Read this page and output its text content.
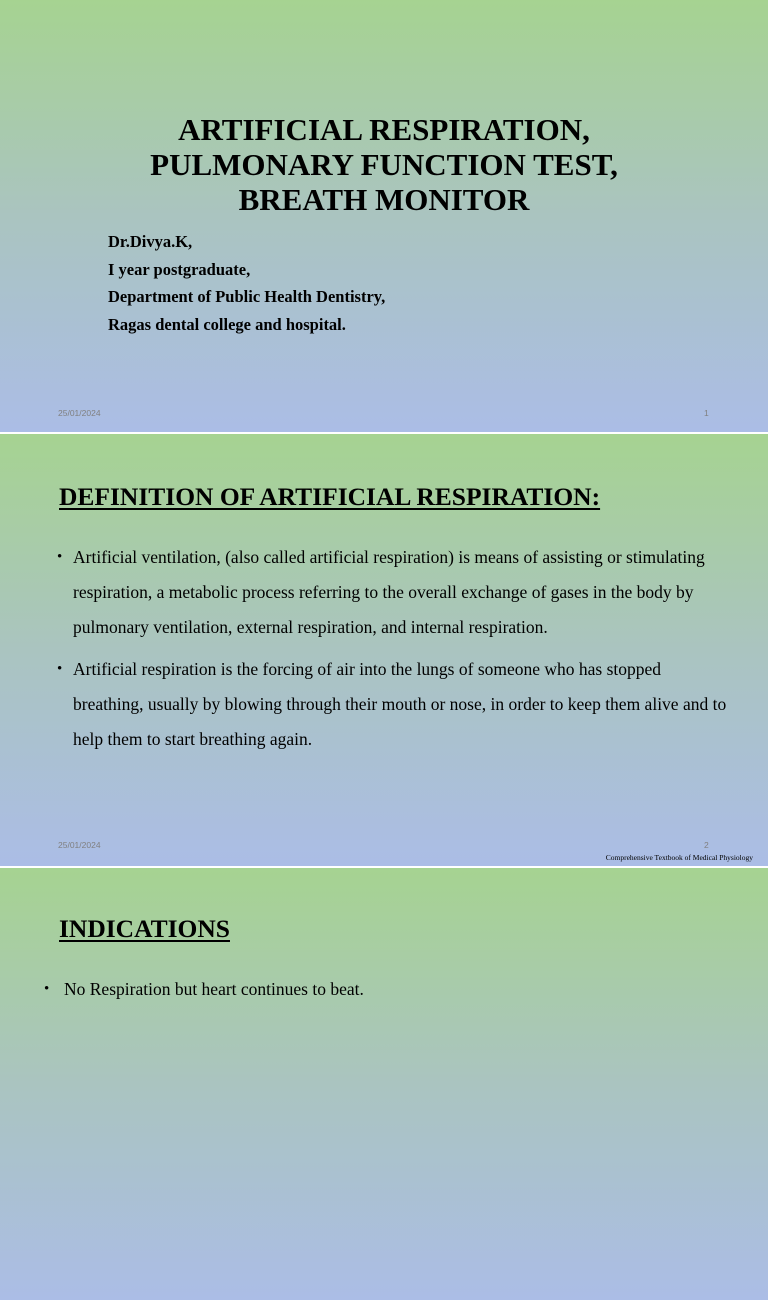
ARTIFICIAL RESPIRATION,
PULMONARY FUNCTION TEST,
BREATH MONITOR
Dr.Divya.K,
I year postgraduate,
Department of Public Health Dentistry,
Ragas dental college and hospital.
25/01/2024	1
DEFINITION OF ARTIFICIAL RESPIRATION:
• Artificial ventilation, (also called artificial respiration) is means of assisting or stimulating respiration, a metabolic process referring to the overall exchange of gases in the body by pulmonary ventilation, external respiration, and internal respiration.
• Artificial respiration is the forcing of air into the lungs of someone who has stopped breathing, usually by blowing through their mouth or nose, in order to keep them alive and to help them to start breathing again.
25/01/2024	2
Comprehensive Textbook of Medical Physiology
INDICATIONS
• No Respiration but heart continues to beat.
